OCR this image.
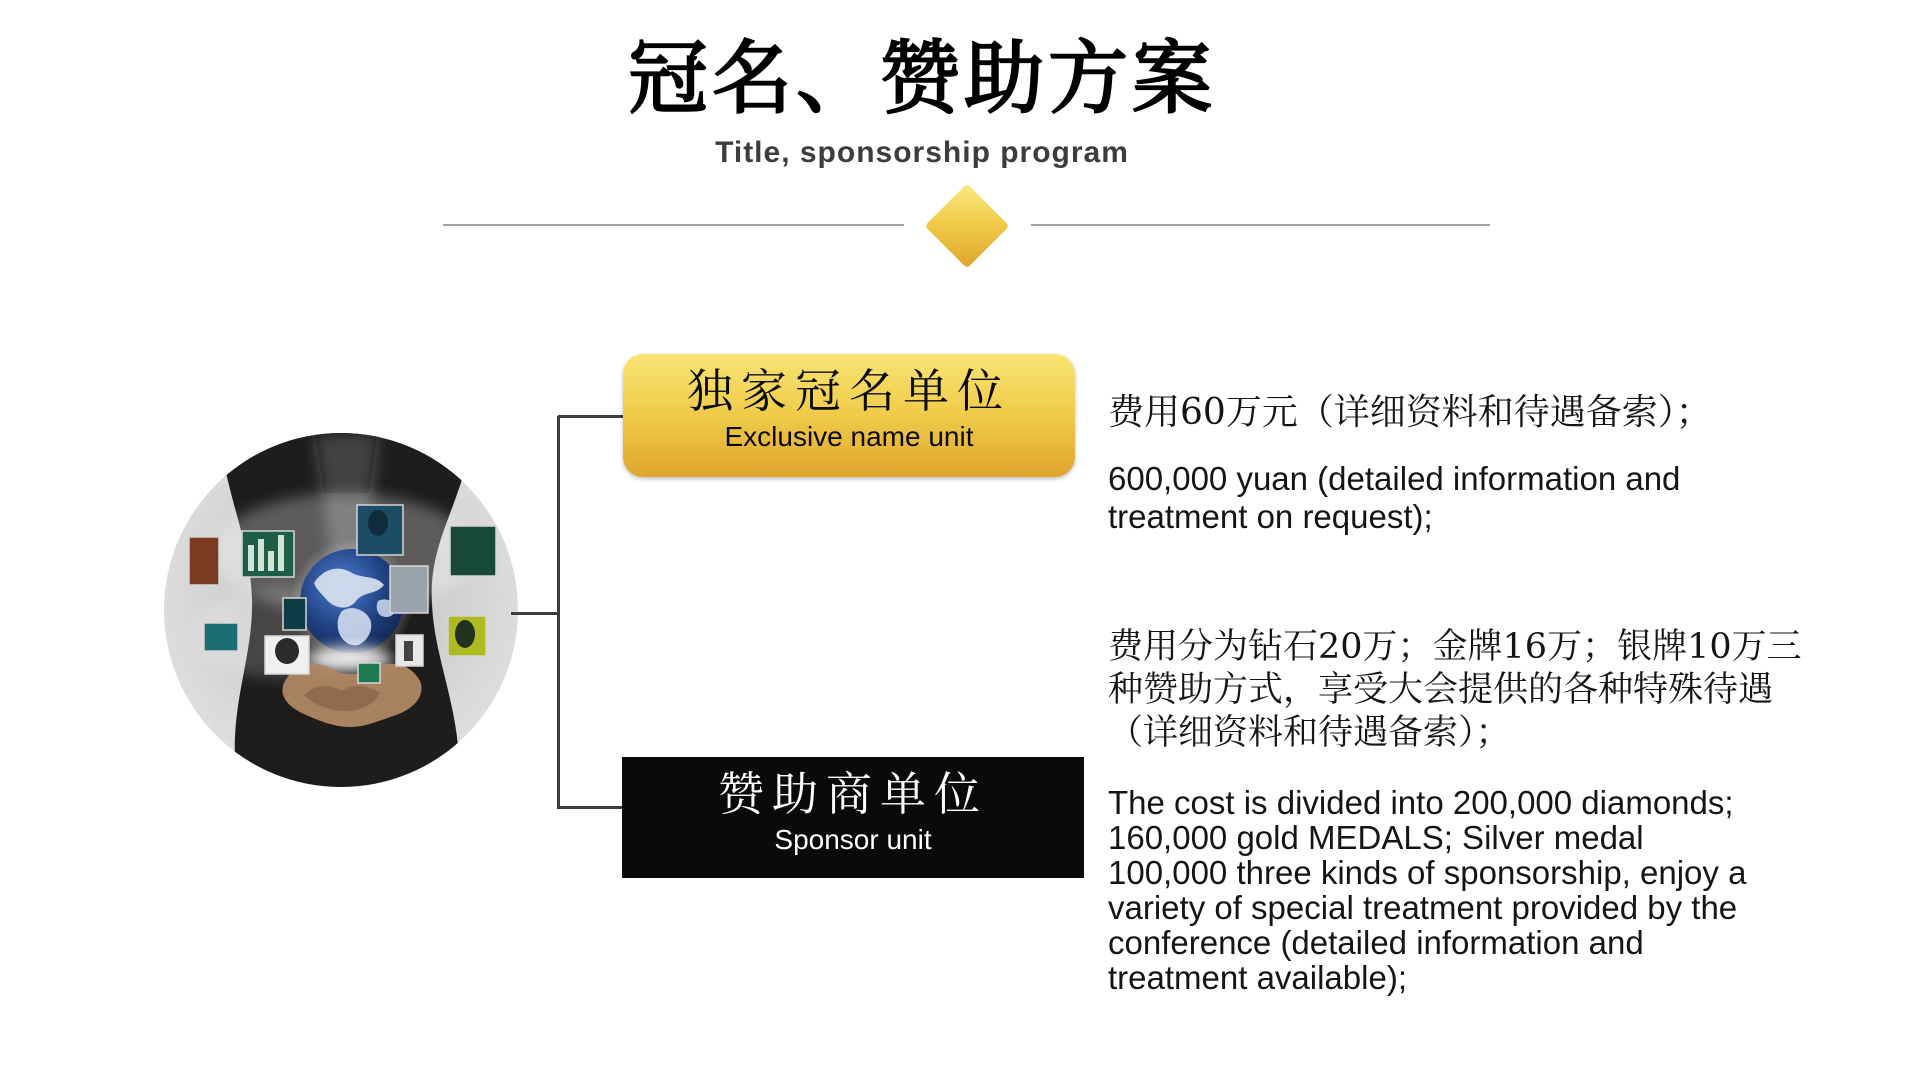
冠名、赞助方案
Title, sponsorship program
独家冠名单位
Exclusive name unit
赞助商单位
Sponsor unit
费用60万元（详细资料和待遇备索）；
600,000 yuan (detailed information and treatment on request);
费用分为钻石20万；金牌16万；银牌10万三种赞助方式，享受大会提供的各种特殊待遇（详细资料和待遇备索）；
The cost is divided into 200,000 diamonds; 160,000 gold MEDALS; Silver medal 100,000 three kinds of sponsorship, enjoy a variety of special treatment provided by the conference (detailed information and treatment available);
